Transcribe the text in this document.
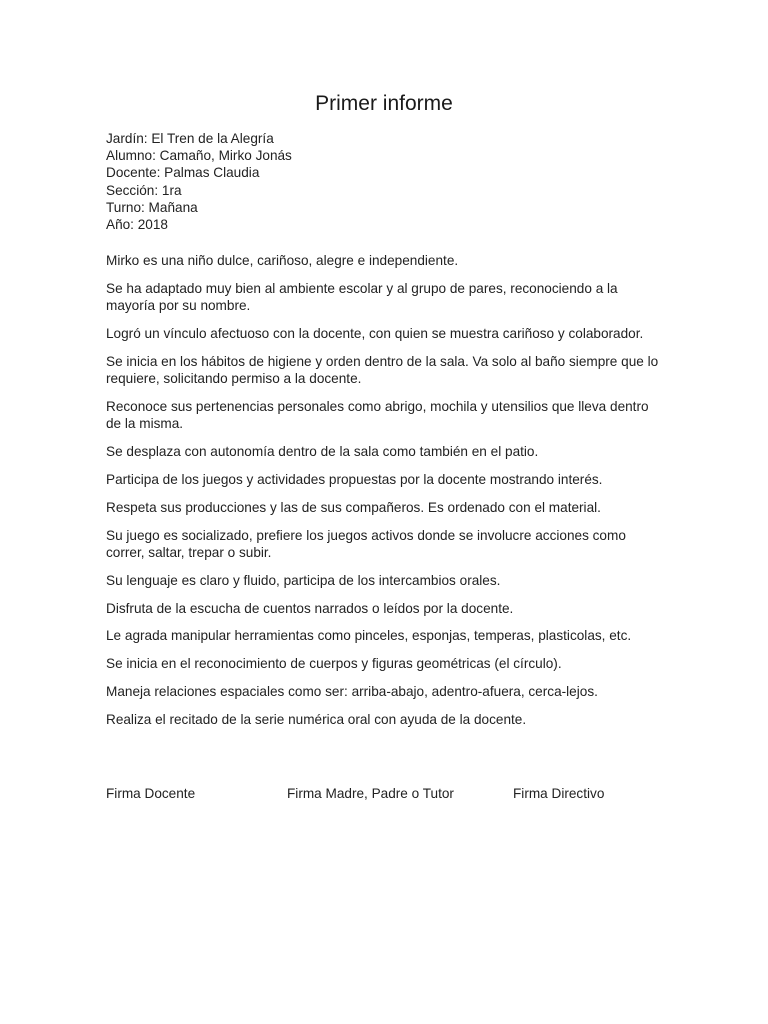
Primer informe

Jardín: El Tren de la Alegría

Alumno: Camaño, Mirko Jonás

Docente: Palmas Claudia

Sección: 1ra

Turno: Mañana

Año: 2018

Mirko es una niño dulce, cariñoso, alegre e independiente.

Se ha adaptado muy bien al ambiente escolar y al grupo de pares, reconociendo a la mayoría por su nombre.

Logró un vínculo afectuoso con la docente, con quien se muestra cariñoso y colaborador.

Se inicia en los hábitos de higiene y orden dentro de la sala. Va solo al baño siempre que lo requiere, solicitando permiso a la docente.

Reconoce sus pertenencias personales como abrigo, mochila y utensilios que lleva dentro de la misma.

Se desplaza con autonomía dentro de la sala como también en el patio.

Participa de los juegos y actividades propuestas por la docente mostrando interés.

Respeta sus producciones y las de sus compañeros. Es ordenado con el material.

Su juego es socializado, prefiere los juegos activos donde se involucre acciones como correr, saltar, trepar o subir.

Su lenguaje es claro y fluido, participa de los intercambios orales.

Disfruta de la escucha de cuentos narrados o leídos por la docente.

Le agrada manipular herramientas como pinceles, esponjas, temperas, plasticolas, etc.

Se inicia en el reconocimiento de cuerpos y figuras geométricas (el círculo).

Maneja relaciones espaciales como ser: arriba-abajo, adentro-afuera, cerca-lejos.

Realiza el recitado de la serie numérica oral con ayuda de la docente.

Firma Docente	Firma Madre, Padre o Tutor	Firma Directivo
